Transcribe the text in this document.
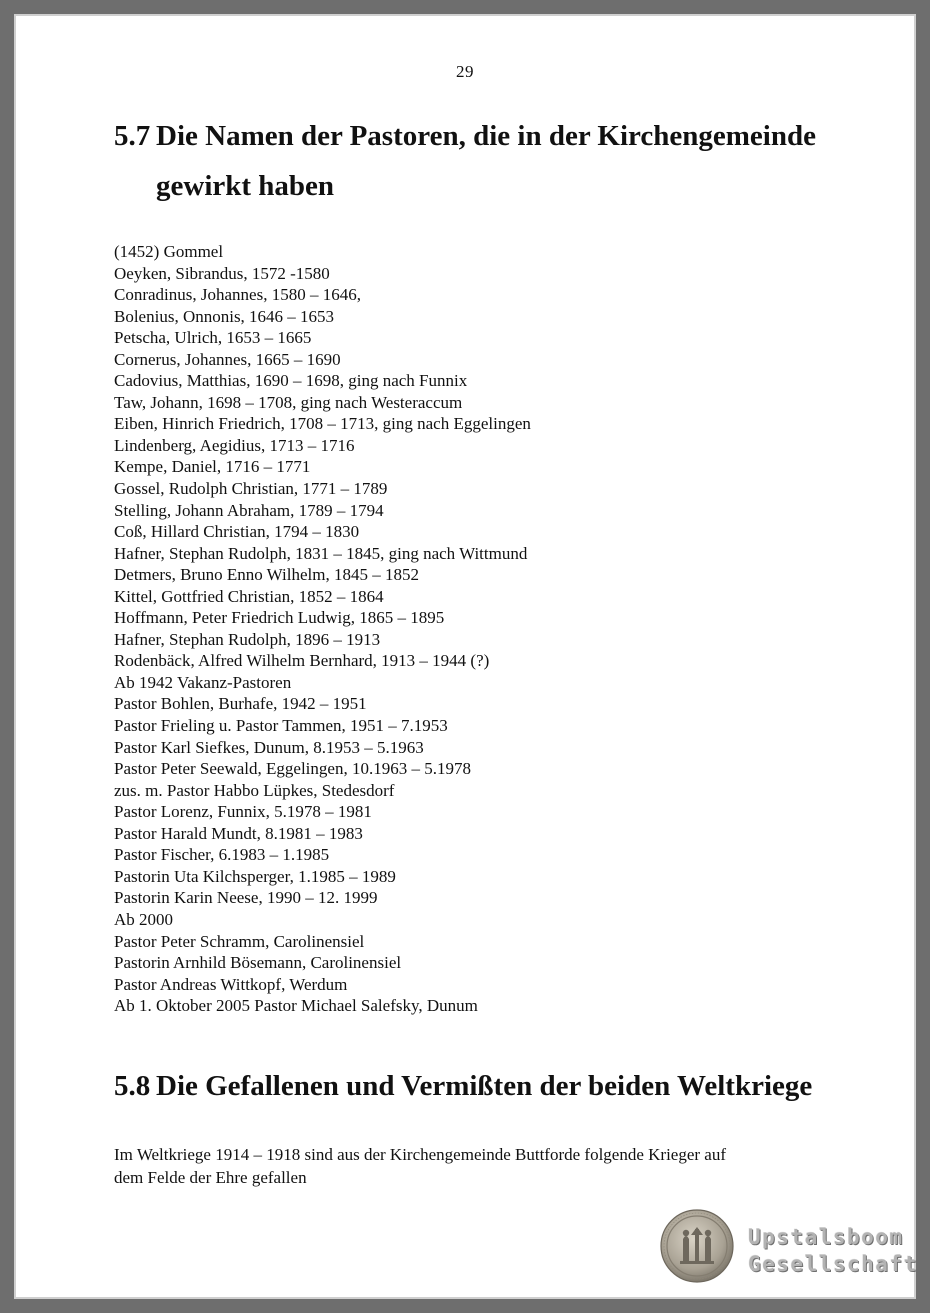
29
5.7 Die Namen der Pastoren, die in der Kirchengemeinde
gewirkt haben
(1452) Gommel
Oeyken, Sibrandus, 1572 -1580
Conradinus, Johannes, 1580 – 1646,
Bolenius, Onnonis, 1646 – 1653
Petscha, Ulrich, 1653 – 1665
Cornerus, Johannes, 1665 – 1690
Cadovius, Matthias, 1690 – 1698, ging nach Funnix
Taw, Johann, 1698 – 1708, ging nach Westeraccum
Eiben, Hinrich Friedrich, 1708 – 1713, ging nach Eggelingen
Lindenberg, Aegidius, 1713 – 1716
Kempe, Daniel, 1716 – 1771
Gossel, Rudolph Christian, 1771 – 1789
Stelling, Johann Abraham, 1789 – 1794
Coß, Hillard Christian, 1794 – 1830
Hafner, Stephan Rudolph, 1831 – 1845, ging nach Wittmund
Detmers, Bruno Enno Wilhelm, 1845 – 1852
Kittel, Gottfried Christian, 1852 – 1864
Hoffmann, Peter Friedrich Ludwig, 1865 – 1895
Hafner, Stephan Rudolph, 1896 – 1913
Rodenbäck, Alfred Wilhelm Bernhard, 1913 – 1944 (?)
Ab 1942 Vakanz-Pastoren
Pastor Bohlen, Burhafe, 1942 – 1951
Pastor Frieling u. Pastor Tammen, 1951 – 7.1953
Pastor Karl Siefkes, Dunum, 8.1953 – 5.1963
Pastor Peter Seewald, Eggelingen, 10.1963 – 5.1978
zus. m. Pastor Habbo Lüpkes, Stedesdorf
Pastor Lorenz, Funnix, 5.1978 – 1981
Pastor Harald Mundt, 8.1981 – 1983
Pastor Fischer, 6.1983 – 1.1985
Pastorin Uta Kilchsperger, 1.1985 – 1989
Pastorin Karin Neese, 1990 – 12. 1999
Ab 2000
Pastor Peter Schramm, Carolinensiel
Pastorin Arnhild Bösemann, Carolinensiel
Pastor Andreas Wittkopf, Werdum
Ab 1. Oktober 2005 Pastor Michael Salefsky, Dunum
5.8 Die Gefallenen und Vermißten der beiden Weltkriege
Im Weltkriege 1914 – 1918 sind aus der Kirchengemeinde Buttforde folgende Krieger auf
dem Felde der Ehre gefallen
Upstalsboom
Gesellschaft
